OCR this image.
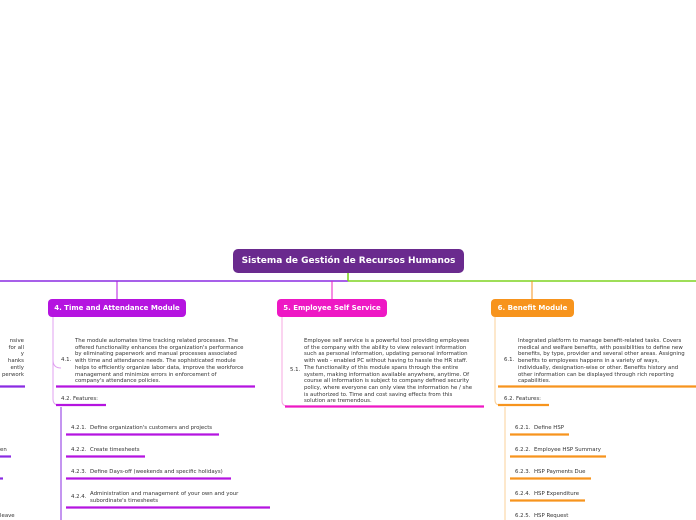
Sistema de Gestión de Recursos Humanos
4. Time and Attendance Module
4.1.
The module automates time tracking related processes. The
offered functionality enhances the organization's performance
by eliminating paperwork and manual processes associated
with time and attendance needs. The sophisticated module
helps to efficiently organize labor data, improve the workforce
management and minimize errors in enforcement of
company's attendance policies.
4.2. Features:
4.2.1. Define organization's customers and projects
4.2.2. Create timesheets
4.2.3. Define Days-off (weekends and specific holidays)
4.2.4. Administration and management of your own and your
subordinate's timesheets
5. Employee Self Service
5.1.
Employee self service is a powerful tool providing employees
of the company with the ability to view relevant information
such as personal information, updating personal information
with web - enabled PC without having to hassle the HR staff.
The functionality of this module spans through the entire
system, making information available anywhere, anytime. Of
course all information is subject to company defined security
policy, where everyone can only view the information he / she
is authorized to. Time and cost saving effects from this
solution are tremendous.
6. Benefit Module
6.1.
Integrated platform to manage benefit-related tasks. Covers
medical and welfare benefits, with possibilities to define new
benefits, by type, provider and several other areas. Assigning
benefits to employees happens in a variety of ways,
individually, designation-wise or other. Benefits history and
other information can be displayed through rich reporting
capabilities.
6.2. Features:
6.2.1. Define HSP
6.2.2. Employee HSP Summary
6.2.3. HSP Payments Due
6.2.4. HSP Expenditure
6.2.5. HSP Request
nsive
for all
y
hanks
ently
perwork
en
leave
